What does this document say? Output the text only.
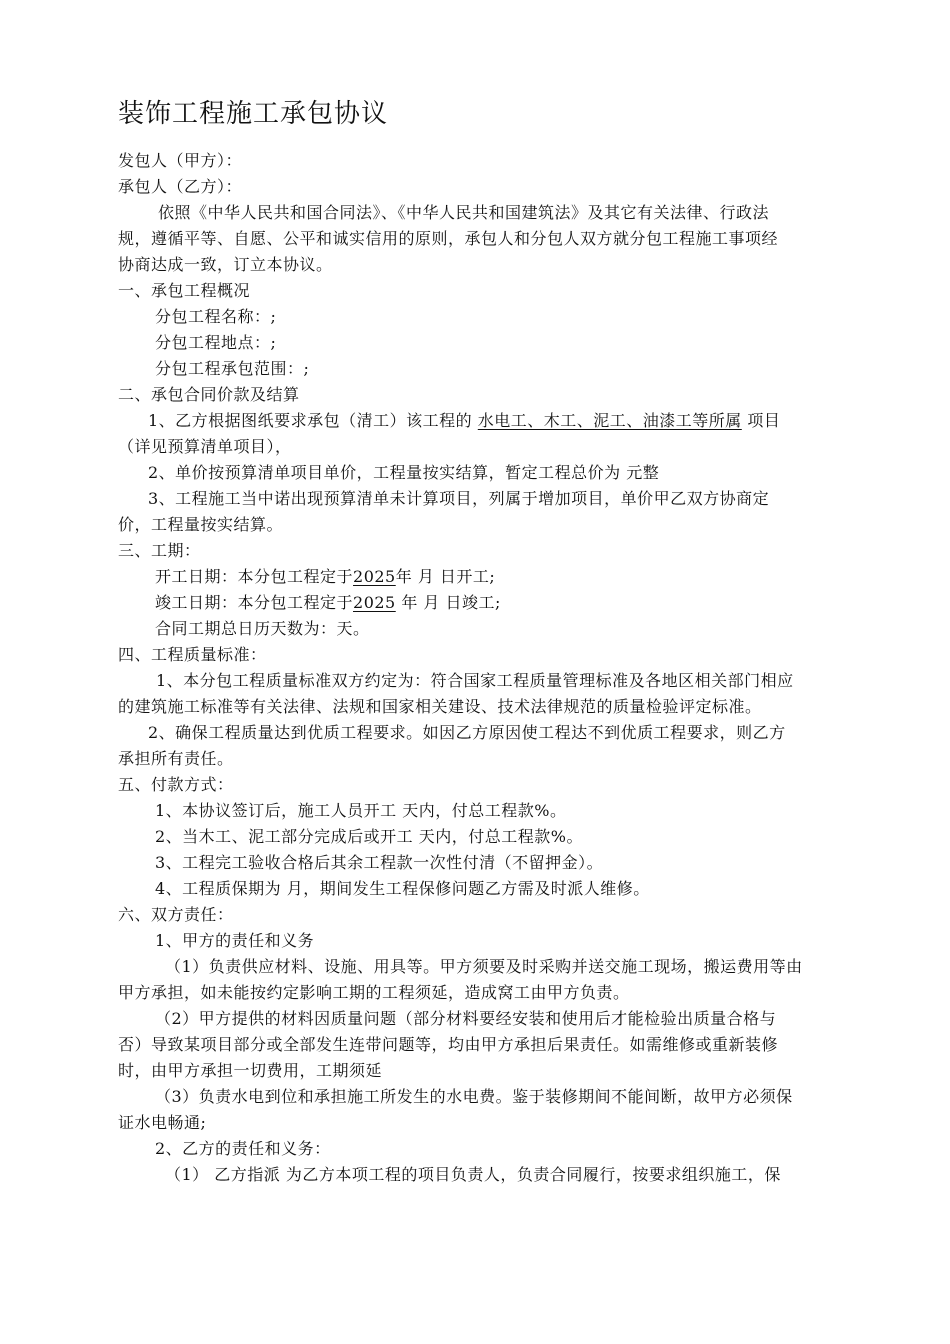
装饰工程施工承包协议
发包人（甲方）：
承包人（乙方）：
依照《中华人民共和国合同法》、《中华人民共和国建筑法》及其它有关法律、行政法
规，遵循平等、自愿、公平和诚实信用的原则，承包人和分包人双方就分包工程施工事项经
协商达成一致，订立本协议。
一、承包工程概况
分包工程名称：;
分包工程地点：;
分包工程承包范围：;
二、承包合同价款及结算
1、乙方根据图纸要求承包（清工）该工程的 水电工、木工、泥工、油漆工等所属 项目
（详见预算清单项目），
2、单价按预算清单项目单价，工程量按实结算，暂定工程总价为 元整
3、工程施工当中诺出现预算清单未计算项目，列属于增加项目，单价甲乙双方协商定
价，工程量按实结算。
三、工期：
开工日期：本分包工程定于2025年 月 日开工;
竣工日期：本分包工程定于2025 年 月 日竣工;
合同工期总日历天数为：天。
四、工程质量标准：
1、本分包工程质量标准双方约定为：符合国家工程质量管理标准及各地区相关部门相应
的建筑施工标准等有关法律、法规和国家相关建设、技术法律规范的质量检验评定标准。
2、确保工程质量达到优质工程要求。如因乙方原因使工程达不到优质工程要求，则乙方
承担所有责任。
五、付款方式：
1、本协议签订后，施工人员开工 天内，付总工程款%。
2、当木工、泥工部分完成后或开工 天内，付总工程款%。
3、工程完工验收合格后其余工程款一次性付清（不留押金）。
4、工程质保期为 月，期间发生工程保修问题乙方需及时派人维修。
六、双方责任：
1、甲方的责任和义务
（1）负责供应材料、设施、用具等。甲方须要及时采购并送交施工现场，搬运费用等由
甲方承担，如未能按约定影响工期的工程须延，造成窝工由甲方负责。
（2）甲方提供的材料因质量问题（部分材料要经安装和使用后才能检验出质量合格与
否）导致某项目部分或全部发生连带问题等，均由甲方承担后果责任。如需维修或重新装修
时，由甲方承担一切费用，工期须延
（3）负责水电到位和承担施工所发生的水电费。鉴于装修期间不能间断，故甲方必须保
证水电畅通;
2、乙方的责任和义务：
（1） 乙方指派 为乙方本项工程的项目负责人，负责合同履行，按要求组织施工，保
